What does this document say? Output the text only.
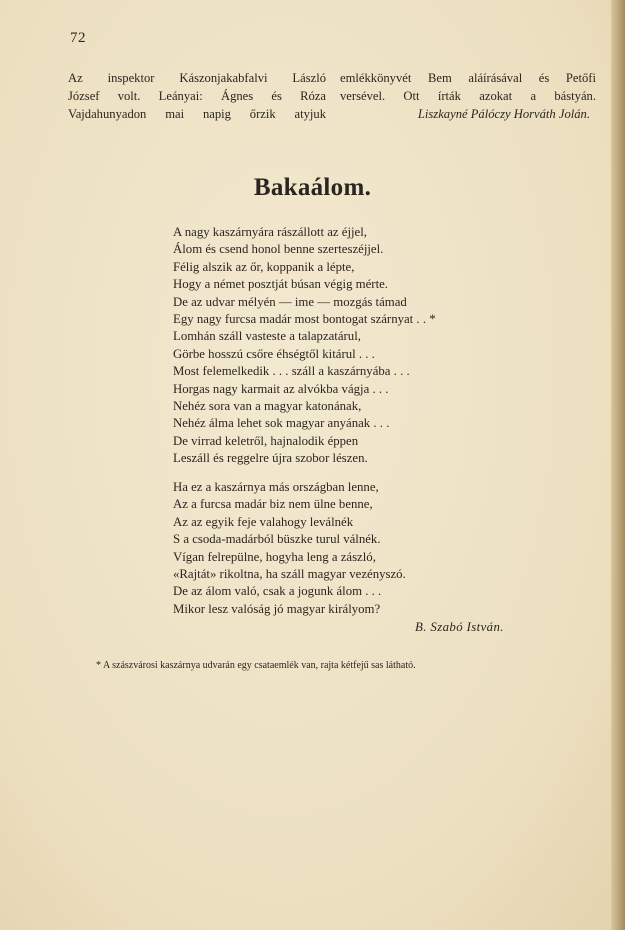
72
Az inspektor Kászonjakabfalvi László
József volt. Leányai: Ágnes és Róza
Vajdahunyadon mai napig őrzik atyjuk
emlékkönyvét Bem aláírásával és Petőfi
versével. Ott írták azokat a bástyán.
Liszkayné Pálóczy Horváth Jolán.
Bakaálom.
A nagy kaszárnyára rászállott az éjjel,
Álom és csend honol benne szerteszéjjel.
Félig alszik az őr, koppanik a lépte,
Hogy a német posztját búsan végig mérte.
De az udvar mélyén — ime — mozgás támad
Egy nagy furcsa madár most bontogat szárnyat . . *
Lomhán száll vasteste a talapzatárul,
Görbe hosszú csőre éhségtől kitárul . . .
Most felemelkedik . . . száll a kaszárnyába . . .
Horgas nagy karmait az alvókba vágja . . .
Nehéz sora van a magyar katonának,
Nehéz álma lehet sok magyar anyának . . .
De virrad keletről, hajnalodik éppen
Leszáll és reggelre újra szobor lészen.
Ha ez a kaszárnya más országban lenne,
Az a furcsa madár biz nem ülne benne,
Az az egyik feje valahogy leválnék
S a csoda-madárból büszke turul válnék.
Vígan felrepülne, hogyha leng a zászló,
«Rajtát» rikoltna, ha száll magyar vezényszó.
De az álom való, csak a jogunk álom . . .
Mikor lesz valóság jó magyar királyom?
B. Szabó István.
* A szászvárosi kaszárnya udvarán egy csataemlék van, rajta kétfejű sas látható.
